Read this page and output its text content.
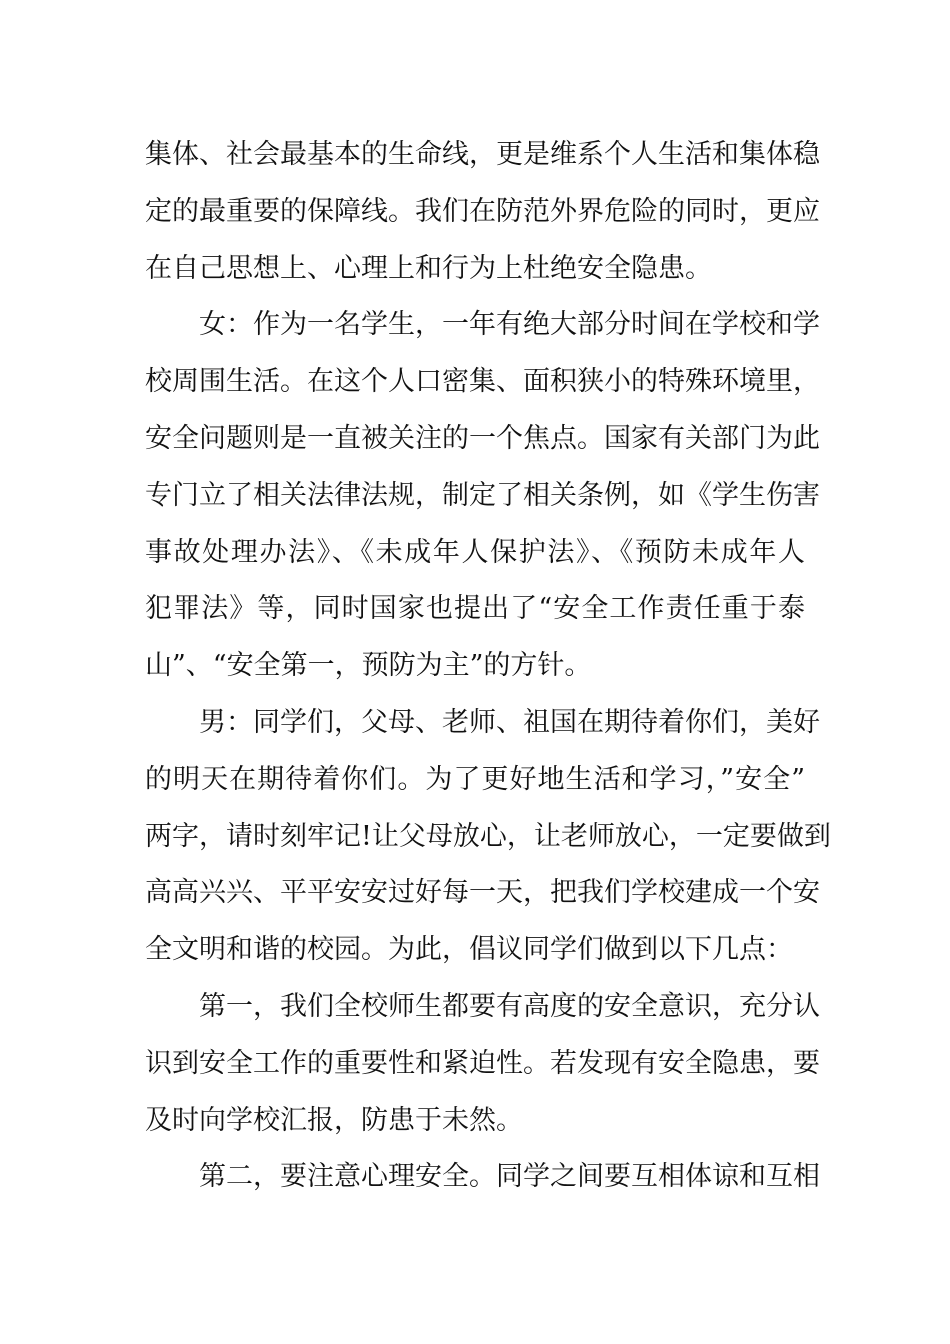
集体、社会最基本的生命线，更是维系个人生活和集体稳
定的最重要的保障线。我们在防范外界危险的同时，更应
在自己思想上、心理上和行为上杜绝安全隐患。
女：作为一名学生，一年有绝大部分时间在学校和学
校周围生活。在这个人口密集、面积狭小的特殊环境里，
安全问题则是一直被关注的一个焦点。国家有关部门为此
专门立了相关法律法规，制定了相关条例，如《学生伤害
事故处理办法》、《未成年人保护法》、《预防未成年人
犯罪法》等，同时国家也提出了“安全工作责任重于泰
山”、“安全第一，预防为主”的方针。
男：同学们，父母、老师、祖国在期待着你们，美好
的明天在期待着你们。为了更好地生活和学习，”安全”
两字，请时刻牢记!让父母放心，让老师放心，一定要做到
高高兴兴、平平安安过好每一天，把我们学校建成一个安
全文明和谐的校园。为此，倡议同学们做到以下几点：
第一，我们全校师生都要有高度的安全意识，充分认
识到安全工作的重要性和紧迫性。若发现有安全隐患，要
及时向学校汇报，防患于未然。
第二，要注意心理安全。同学之间要互相体谅和互相
